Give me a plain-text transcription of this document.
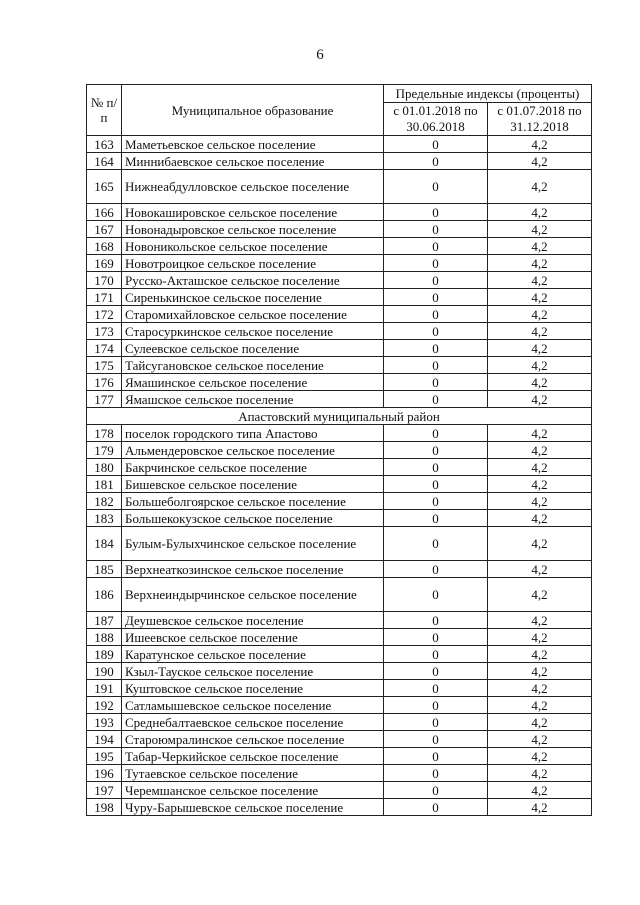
6
№ п/п	Муниципальное образование	Предельные индексы (проценты)	
		с 01.01.2018 по 30.06.2018	с 01.07.2018 по 31.12.2018
163	Маметьевское сельское поселение	0	4,2
164	Миннибаевское сельское поселение	0	4,2
165	Нижнеабдулловское сельское поселение	0	4,2
166	Новокашировское сельское поселение	0	4,2
167	Новонадыровское сельское поселение	0	4,2
168	Новоникольское сельское поселение	0	4,2
169	Новотроицкое сельское поселение	0	4,2
170	Русско-Акташское сельское поселение	0	4,2
171	Сиренькинское сельское поселение	0	4,2
172	Старомихайловское сельское поселение	0	4,2
173	Старосуркинское сельское поселение	0	4,2
174	Сулеевское сельское поселение	0	4,2
175	Тайсугановское сельское поселение	0	4,2
176	Ямашинское сельское поселение	0	4,2
177	Ямашское сельское поселение	0	4,2
Апастовский муниципальный район			
178	поселок городского типа Апастово	0	4,2
179	Альмендеровское сельское поселение	0	4,2
180	Бакрчинское сельское поселение	0	4,2
181	Бишевское сельское поселение	0	4,2
182	Большеболгоярское сельское поселение	0	4,2
183	Большекокузское сельское поселение	0	4,2
184	Булым-Булыхчинское сельское поселение	0	4,2
185	Верхнеаткозинское сельское поселение	0	4,2
186	Верхнеиндырчинское сельское поселение	0	4,2
187	Деушевское сельское поселение	0	4,2
188	Ишеевское сельское поселение	0	4,2
189	Каратунское сельское поселение	0	4,2
190	Кзыл-Тауское сельское поселение	0	4,2
191	Куштовское сельское поселение	0	4,2
192	Сатламышевское сельское поселение	0	4,2
193	Среднебалтаевское сельское поселение	0	4,2
194	Староюмралинское сельское поселение	0	4,2
195	Табар-Черкийское сельское поселение	0	4,2
196	Тутаевское сельское поселение	0	4,2
197	Черемшанское сельское поселение	0	4,2
198	Чуру-Барышевское сельское поселение	0	4,2
